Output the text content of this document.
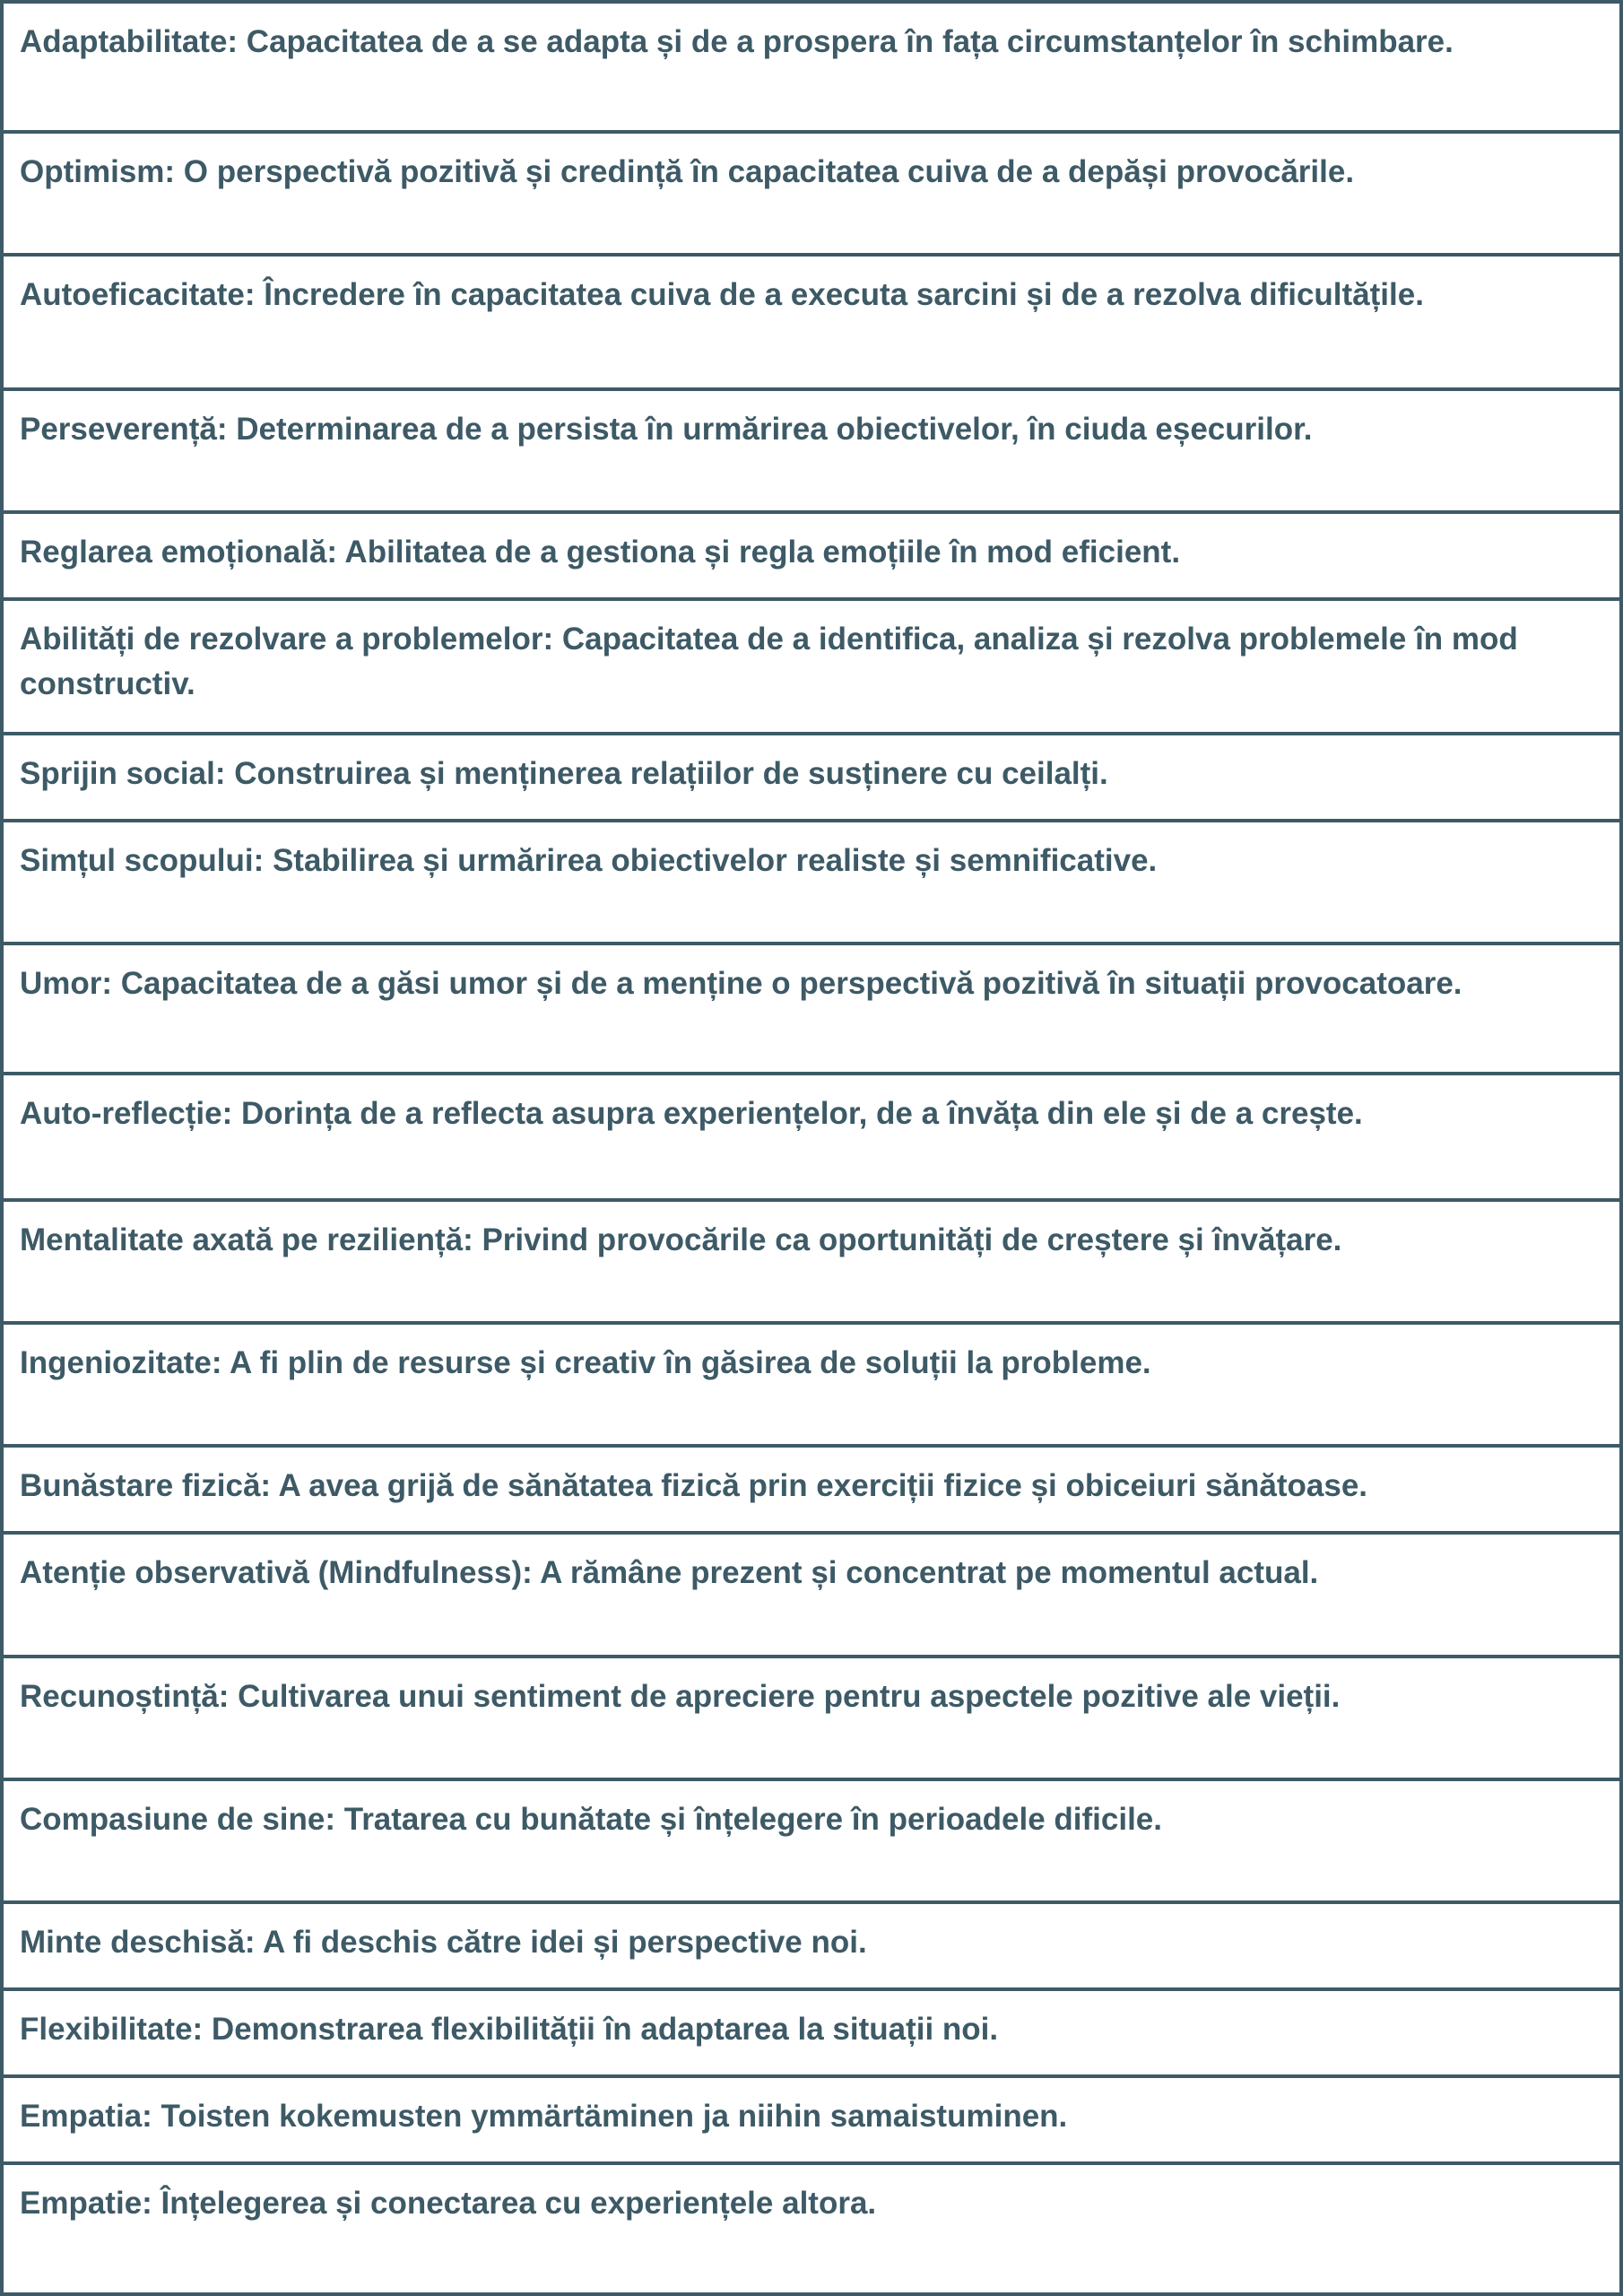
Adaptabilitate: Capacitatea de a se adapta și de a prospera în fața circumstanțelor în schimbare.
Optimism: O perspectivă pozitivă și credință în capacitatea cuiva de a depăși provocările.
Autoeficacitate: Încredere în capacitatea cuiva de a executa sarcini și de a rezolva dificultățile.
Perseverență: Determinarea de a persista în urmărirea obiectivelor, în ciuda eșecurilor.
Reglarea emoțională: Abilitatea de a gestiona și regla emoțiile în mod eficient.
Abilități de rezolvare a problemelor: Capacitatea de a identifica, analiza și rezolva problemele în mod constructiv.
Sprijin social: Construirea și menținerea relațiilor de susținere cu ceilalți.
Simțul scopului: Stabilirea și urmărirea obiectivelor realiste și semnificative.
Umor: Capacitatea de a găsi umor și de a menține o perspectivă pozitivă în situații provocatoare.
Auto-reflecție: Dorința de a reflecta asupra experiențelor, de a învăța din ele și de a crește.
Mentalitate axată pe reziliență: Privind provocările ca oportunități de creștere și învățare.
Ingeniozitate: A fi plin de resurse și creativ în găsirea de soluții la probleme.
Bunăstare fizică: A avea grijă de sănătatea fizică prin exerciții fizice și obiceiuri sănătoase.
Atenție observativă (Mindfulness): A rămâne prezent și concentrat pe momentul actual.
Recunoștință: Cultivarea unui sentiment de apreciere pentru aspectele pozitive ale vieții.
Compasiune de sine: Tratarea cu bunătate și înțelegere în perioadele dificile.
Minte deschisă: A fi deschis către idei și perspective noi.
Flexibilitate: Demonstrarea flexibilității în adaptarea la situații noi.
Empatia: Toisten kokemusten ymmärtäminen ja niihin samaistuminen.
Empatie: Înțelegerea și conectarea cu experiențele altora.
